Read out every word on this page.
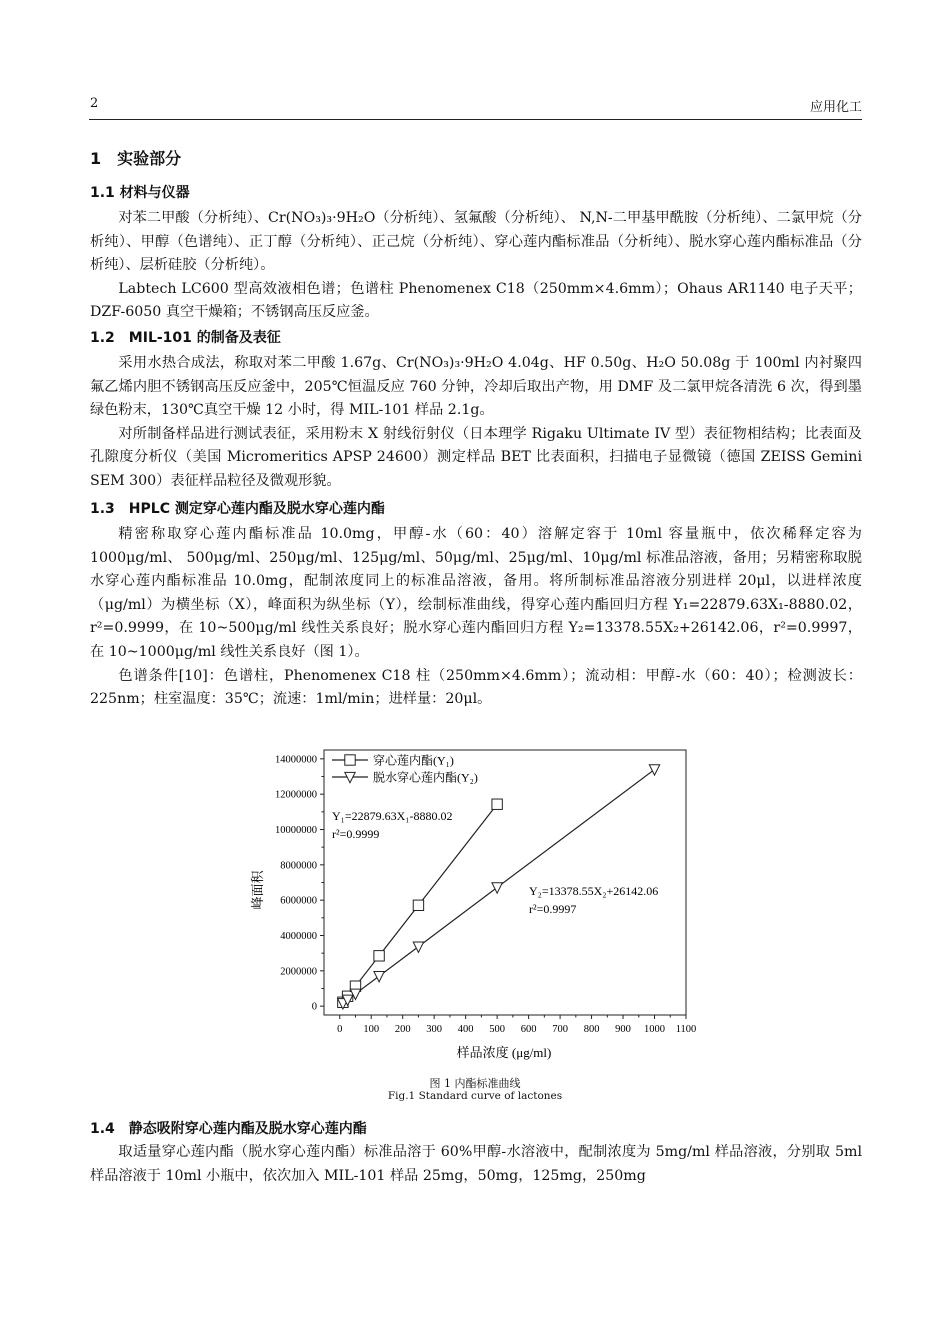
2	应用化工
1　实验部分
1.1 材料与仪器

对苯二甲酸（分析纯）、Cr(NO₃)₃·9H₂O（分析纯）、氢氟酸（分析纯）、 N,N-二甲基甲酰胺（分析纯）、二氯甲烷（分析纯）、甲醇（色谱纯）、正丁醇（分析纯）、正己烷（分析纯）、穿心莲内酯标准品（分析纯）、脱水穿心莲内酯标准品（分析纯）、层析硅胶（分析纯）。

Labtech LC600 型高效液相色谱；色谱柱 Phenomenex C18（250mm×4.6mm）；Ohaus AR1140 电子天平；DZF-6050 真空干燥箱；不锈钢高压反应釜。

1.2　MIL-101 的制备及表征

采用水热合成法，称取对苯二甲酸 1.67g、Cr(NO₃)₃·9H₂O 4.04g、HF 0.50g、H₂O 50.08g 于 100ml 内衬聚四氟乙烯内胆不锈钢高压反应釜中，205℃恒温反应 760 分钟，冷却后取出产物，用 DMF 及二氯甲烷各清洗 6 次，得到墨绿色粉末，130℃真空干燥 12 小时，得 MIL-101 样品 2.1g。

对所制备样品进行测试表征，采用粉末 X 射线衍射仪（日本理学 Rigaku Ultimate IV 型）表征物相结构；比表面及孔隙度分析仪（美国 Micromeritics APSP 24600）测定样品 BET 比表面积，扫描电子显微镜（德国 ZEISS Gemini SEM 300）表征样品粒径及微观形貌。

1.3　HPLC 测定穿心莲内酯及脱水穿心莲内酯

精密称取穿心莲内酯标准品 10.0mg，甲醇-水（60：40）溶解定容于 10ml 容量瓶中，依次稀释定容为 1000μg/ml、 500μg/ml、250μg/ml、125μg/ml、50μg/ml、25μg/ml、10μg/ml 标准品溶液，备用；另精密称取脱水穿心莲内酯标准品 10.0mg，配制浓度同上的标准品溶液，备用。将所制标准品溶液分别进样 20μl，以进样浓度（μg/ml）为横坐标（X），峰面积为纵坐标（Y），绘制标准曲线，得穿心莲内酯回归方程 Y₁=22879.63X₁-8880.02，r²=0.9999，在 10~500μg/ml 线性关系良好；脱水穿心莲内酯回归方程 Y₂=13378.55X₂+26142.06，r²=0.9997，在 10~1000μg/ml 线性关系良好（图 1）。

色谱条件[10]：色谱柱，Phenomenex C18 柱（250mm×4.6mm）；流动相：甲醇-水（60：40）；检测波长：225nm；柱室温度：35℃；流速：1ml/min；进样量：20μl。

0 100 200 300 400 500 600 700 800 900 1000 1100
0
2000000
4000000
6000000
8000000
10000000
12000000
14000000	穿心莲内酯(Y₁)
脱水穿心莲内酯(Y₂)
样品浓度 (μg/ml)
峰面积
Y₁=22879.63X₁-8880.02
r²=0.9999
Y₂=13378.55X₂+26142.06
r²=0.9997
图 1 内酯标准曲线
Fig.1 Standard curve of lactones
1.4　静态吸附穿心莲内酯及脱水穿心莲内酯

取适量穿心莲内酯（脱水穿心莲内酯）标准品溶于 60%甲醇-水溶液中，配制浓度为 5mg/ml 样品溶液，分别取 5ml 样品溶液于 10ml 小瓶中，依次加入 MIL-101 样品 25mg，50mg，125mg，250mg
